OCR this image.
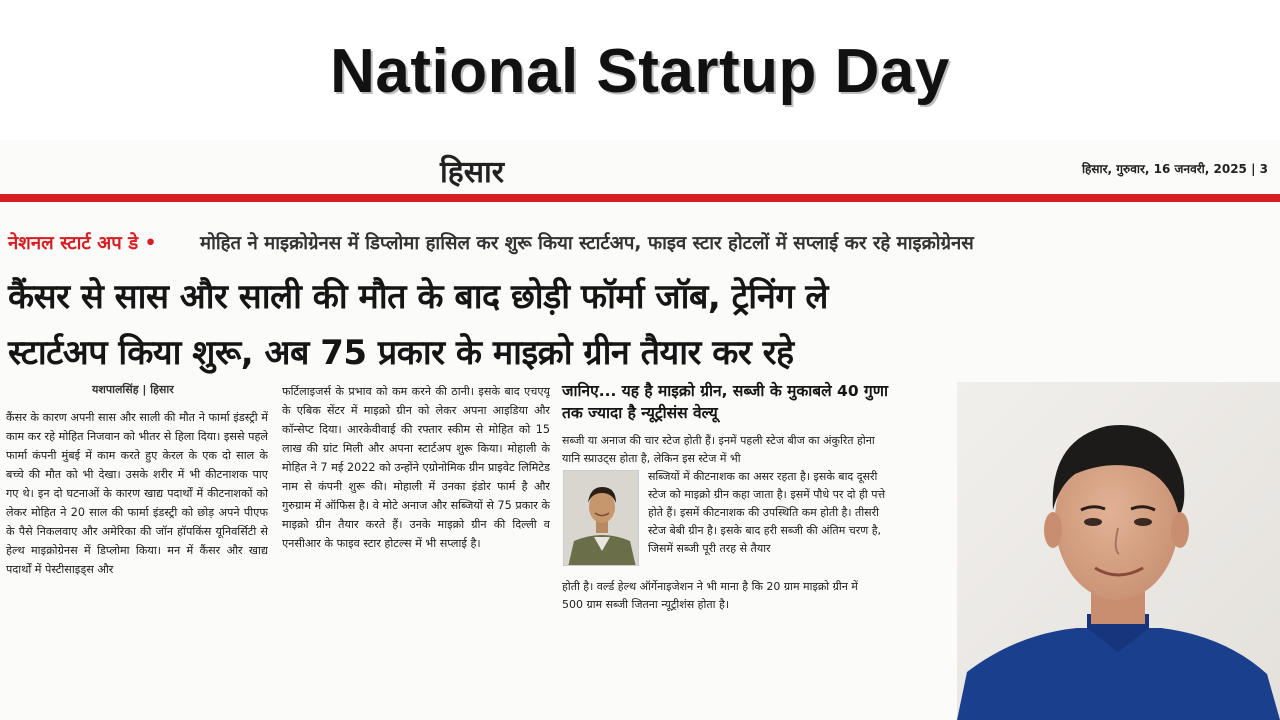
National Startup Day
हिसार	हिसार, गुरुवार, 16 जनवरी, 2025 | 3
नेशनल स्टार्ट अप डे • मोहित ने माइक्रोग्रेनस में डिप्लोमा हासिल कर शुरू किया स्टार्टअप, फाइव स्टार होटलों में सप्लाई कर रहे माइक्रोग्रेनस
कैंसर से सास और साली की मौत के बाद छोड़ी फॉर्मा जॉब, ट्रेनिंग ले
स्टार्टअप किया शुरू, अब 75 प्रकार के माइक्रो ग्रीन तैयार कर रहे
यशपालसिंह | हिसार
कैंसर के कारण अपनी सास और साली की मौत ने फार्मा इंडस्ट्री में काम कर रहे मोहित निजवान को भीतर से हिला दिया। इससे पहले फार्मा कंपनी मुंबई में काम करते हुए केरल के एक दो साल के बच्चे की मौत को भी देखा। उसके शरीर में भी कीटनाशक पाए गए थे। इन दो घटनाओं के कारण खाद्य पदार्थों में कीटनाशकों को लेकर मोहित ने 20 साल की फार्मा इंडस्ट्री को छोड़ अपने पीएफ के पैसे निकलवाए और अमेरिका की जॉन हॉपकिंस यूनिवर्सिटी से हेल्थ माइक्रोग्रेनस में डिप्लोमा किया। मन में कैंसर और खाद्य पदार्थों में पेस्टीसाइड्स और
फर्टिलाइजर्स के प्रभाव को कम करने की ठानी। इसके बाद एचएयू के एबिक सेंटर में माइक्रो ग्रीन को लेकर अपना आइडिया और कॉन्सेप्ट दिया। आरकेवीवाई की रफ्तार स्कीम से मोहित को 15 लाख की ग्रांट मिली और अपना स्टार्टअप शुरू किया। मोहाली के मोहित ने 7 मई 2022 को उन्होंने एग्रोनोमिक ग्रीन प्राइवेट लिमिटेड नाम से कंपनी शुरू की। मोहाली में उनका इंडोर फार्म है और गुरुग्राम में ऑफिस है। वे मोटे अनाज और सब्जियों से 75 प्रकार के माइक्रो ग्रीन तैयार करते हैं। उनके माइक्रो ग्रीन की दिल्ली व एनसीआर के फाइव स्टार होटल्स में भी सप्लाई है।
जानिए... यह है माइक्रो ग्रीन, सब्जी के मुकाबले 40 गुणा तक ज्यादा है न्यूट्रीसंस वेल्यू
सब्जी या अनाज की चार स्टेज होती हैं। इनमें पहली स्टेज बीज का अंकुरित होना यानि स्प्राउट्स होता है, लेकिन इस स्टेज में भी
सब्जियों में कीटनाशक का असर रहता है। इसके बाद दूसरी स्टेज को माइक्रो ग्रीन कहा जाता है। इसमें पौधे पर दो ही पत्ते होते हैं। इसमें कीटनाशक की उपस्थिति कम होती है। तीसरी स्टेज बेबी ग्रीन है। इसके बाद हरी सब्जी की अंतिम चरण है, जिसमें सब्जी पूरी तरह से तैयार
होती है। वर्ल्ड हेल्थ ऑर्गेनाइजेशन ने भी माना है कि 20 ग्राम माइक्रो ग्रीन में 500 ग्राम सब्जी जितना न्यूट्रीशंस होता है।
